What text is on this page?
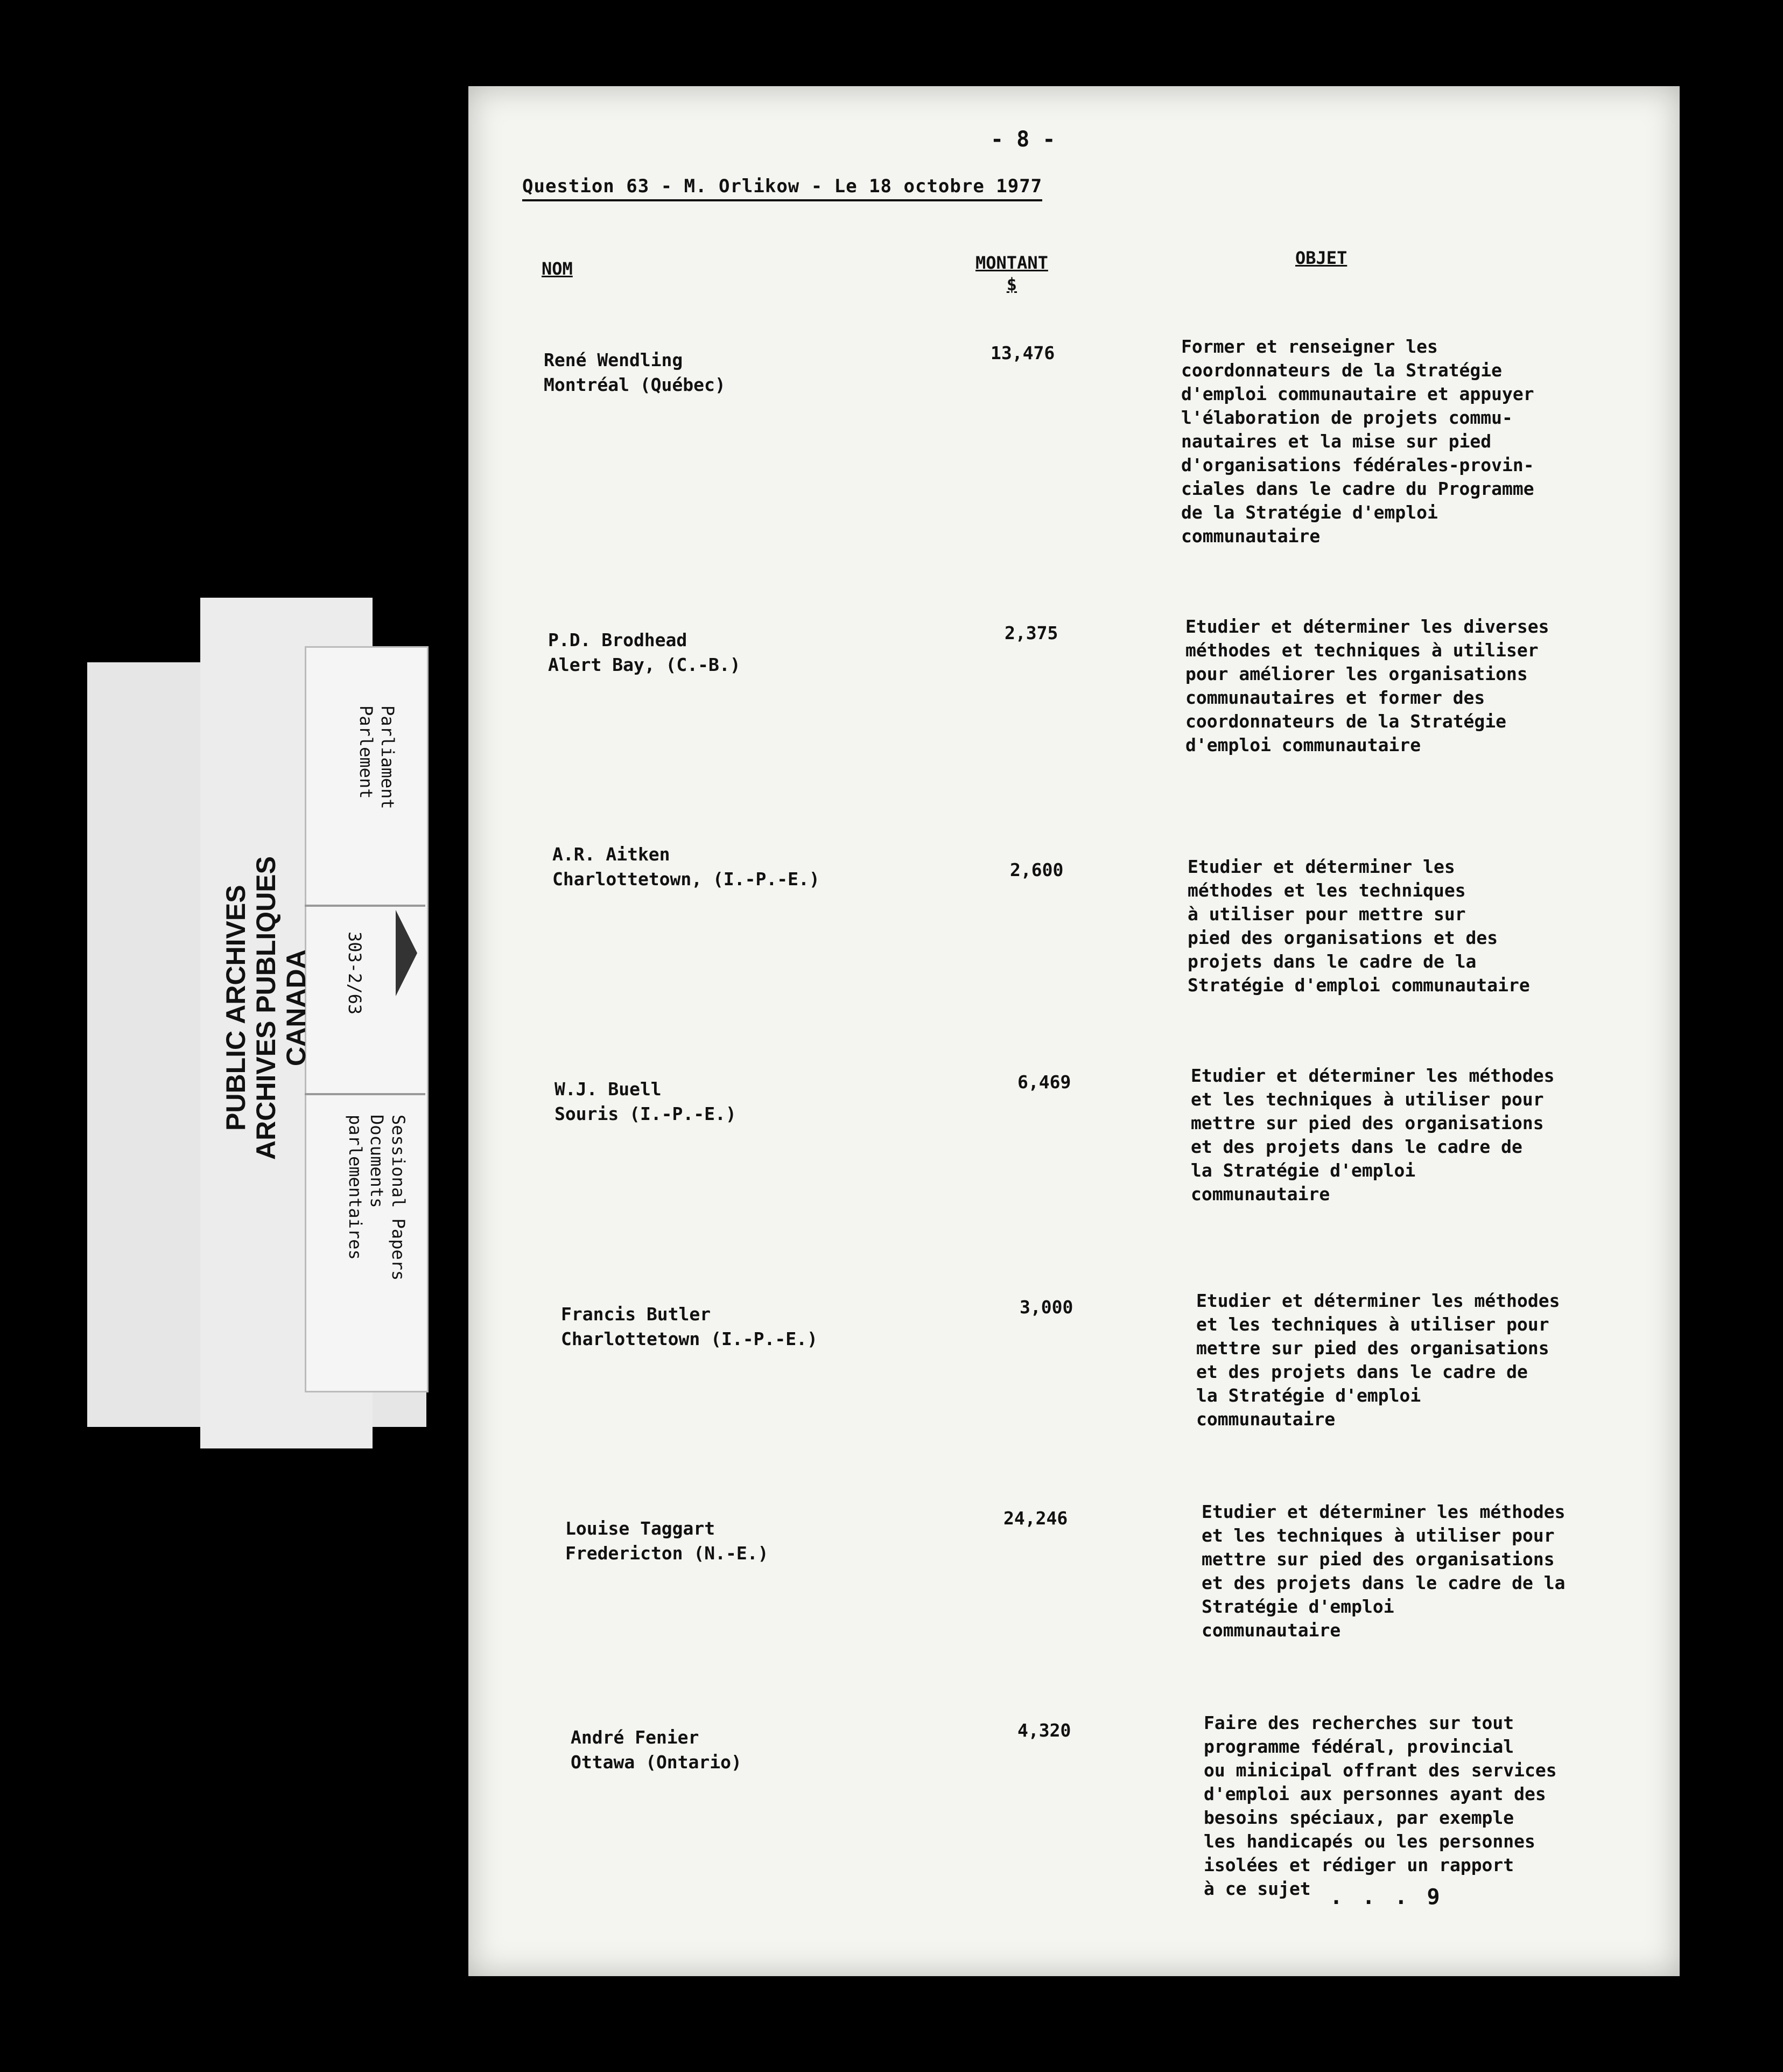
Parliament
Parlement
303-2/63
Sessional Papers
Documents
parlementaires
PUBLIC ARCHIVES
ARCHIVES PUBLIQUES
CANADA
- 8 -
Question 63 - M. Orlikow - Le 18 octobre 1977
NOM	MONTANT
$
OBJET
René Wendling
Montréal (Québec)
13,476	Former et renseigner les
coordonnateurs de la Stratégie
d'emploi communautaire et appuyer
l'élaboration de projets commu-
nautaires et la mise sur pied
d'organisations fédérales-provin-
ciales dans le cadre du Programme
de la Stratégie d'emploi
communautaire
P.D. Brodhead
Alert Bay, (C.-B.)
2,375	Etudier et déterminer les diverses
méthodes et techniques à utiliser
pour améliorer les organisations
communautaires et former des
coordonnateurs de la Stratégie
d'emploi communautaire
A.R. Aitken
Charlottetown, (I.-P.-E.)	2,600	Etudier et déterminer les
méthodes et les techniques
à utiliser pour mettre sur
pied des organisations et des
projets dans le cadre de la
Stratégie d'emploi communautaire
W.J. Buell
Souris (I.-P.-E.)
6,469	Etudier et déterminer les méthodes
et les techniques à utiliser pour
mettre sur pied des organisations
et des projets dans le cadre de
la Stratégie d'emploi
communautaire
Francis Butler
Charlottetown (I.-P.-E.)
3,000	Etudier et déterminer les méthodes
et les techniques à utiliser pour
mettre sur pied des organisations
et des projets dans le cadre de
la Stratégie d'emploi
communautaire
Louise Taggart
Fredericton (N.-E.)
24,246	Etudier et déterminer les méthodes
et les techniques à utiliser pour
mettre sur pied des organisations
et des projets dans le cadre de la
Stratégie d'emploi
communautaire
André Fenier
Ottawa (Ontario)
4,320	Faire des recherches sur tout
programme fédéral, provincial
ou minicipal offrant des services
d'emploi aux personnes ayant des
besoins spéciaux, par exemple
les handicapés ou les personnes
isolées et rédiger un rapport
à ce sujet . . . 9
